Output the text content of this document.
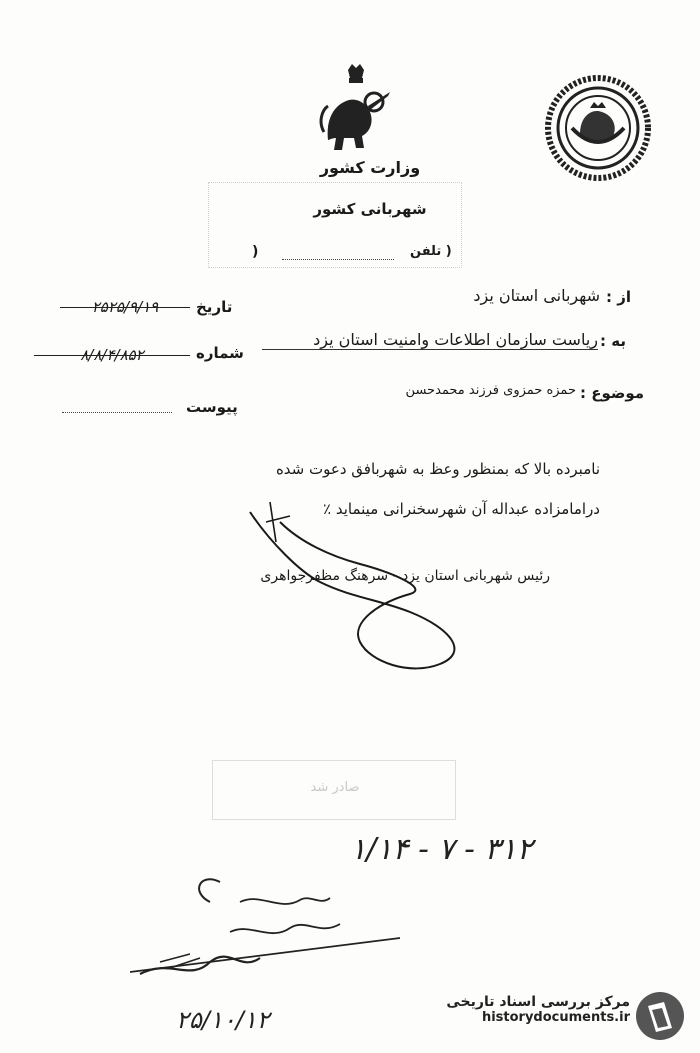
وزارت کشور
شهربانی کشور
( تلفن
)
از :
شهربانی استان یزد
به :
ریاست سازمان اطلاعات وامنیت استان یزد
موضوع :
حمزه حمزوی فرزند محمدحسن
تاریخ
۲۵۲۵/۹/۱۹
شماره
۸/۸/۴/۸۵۲
پیوست
نامبرده بالا که بمنظور وعظ به شهربافق دعوت شده
درامامزاده عبداله آن شهرسخنرانی مینماید ٪
رئیس شهربانی استان یزد - سرهنگ مظفرجواهری
صادر شد
۳۱۲ - ۷ - ۱/۱۴
۲۵/۱۰/۱۲
مرکز بررسی اسناد تاریخی
historydocuments.ir
